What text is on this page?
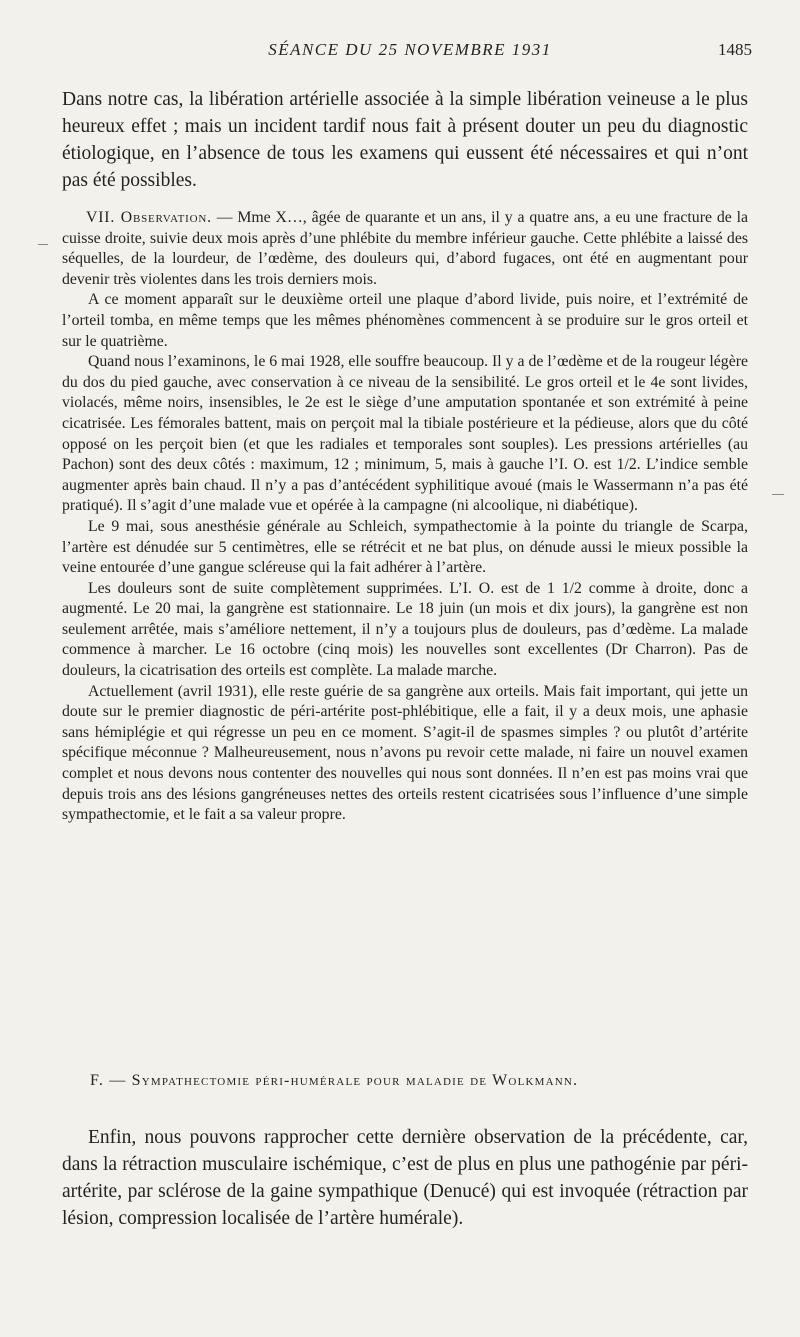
SÉANCE DU 25 NOVEMBRE 1931	1485

Dans notre cas, la libération artérielle associée à la simple libération veineuse a le plus heureux effet ; mais un incident tardif nous fait à présent douter un peu du diagnostic étiologique, en l’absence de tous les examens qui eussent été nécessaires et qui n’ont pas été possibles.

VII. Observation. — Mme X…, âgée de quarante et un ans, il y a quatre ans, a eu une fracture de la cuisse droite, suivie deux mois après d’une phlébite du membre inférieur gauche. Cette phlébite a laissé des séquelles, de la lourdeur, de l’œdème, des douleurs qui, d’abord fugaces, ont été en augmentant pour devenir très violentes dans les trois derniers mois.

A ce moment apparaît sur le deuxième orteil une plaque d’abord livide, puis noire, et l’extrémité de l’orteil tomba, en même temps que les mêmes phénomènes commencent à se produire sur le gros orteil et sur le quatrième.

Quand nous l’examinons, le 6 mai 1928, elle souffre beaucoup. Il y a de l’œdème et de la rougeur légère du dos du pied gauche, avec conservation à ce niveau de la sensibilité. Le gros orteil et le 4e sont livides, violacés, même noirs, insensibles, le 2e est le siège d’une amputation spontanée et son extrémité à peine cicatrisée. Les fémorales battent, mais on perçoit mal la tibiale postérieure et la pédieuse, alors que du côté opposé on les perçoit bien (et que les radiales et temporales sont souples). Les pressions artérielles (au Pachon) sont des deux côtés : maximum, 12 ; minimum, 5, mais à gauche l’I. O. est 1/2. L’indice semble augmenter après bain chaud. Il n’y a pas d’antécédent syphilitique avoué (mais le Wassermann n’a pas été pratiqué). Il s’agit d’une malade vue et opérée à la campagne (ni alcoolique, ni diabétique).

Le 9 mai, sous anesthésie générale au Schleich, sympathectomie à la pointe du triangle de Scarpa, l’artère est dénudée sur 5 centimètres, elle se rétrécit et ne bat plus, on dénude aussi le mieux possible la veine entourée d’une gangue scléreuse qui la fait adhérer à l’artère.

Les douleurs sont de suite complètement supprimées. L’I. O. est de 1 1/2 comme à droite, donc a augmenté. Le 20 mai, la gangrène est stationnaire. Le 18 juin (un mois et dix jours), la gangrène est non seulement arrêtée, mais s’améliore nettement, il n’y a toujours plus de douleurs, pas d’œdème. La malade commence à marcher. Le 16 octobre (cinq mois) les nouvelles sont excellentes (Dr Charron). Pas de douleurs, la cicatrisation des orteils est complète. La malade marche.

Actuellement (avril 1931), elle reste guérie de sa gangrène aux orteils. Mais fait important, qui jette un doute sur le premier diagnostic de péri-artérite post-phlébitique, elle a fait, il y a deux mois, une aphasie sans hémiplégie et qui régresse un peu en ce moment. S’agit-il de spasmes simples ? ou plutôt d’artérite spécifique méconnue ? Malheureusement, nous n’avons pu revoir cette malade, ni faire un nouvel examen complet et nous devons nous contenter des nouvelles qui nous sont données. Il n’en est pas moins vrai que depuis trois ans des lésions gangréneuses nettes des orteils restent cicatrisées sous l’influence d’une simple sympathectomie, et le fait a sa valeur propre.

F. — Sympathectomie péri-humérale pour maladie de Wolkmann.

Enfin, nous pouvons rapprocher cette dernière observation de la précédente, car, dans la rétraction musculaire ischémique, c’est de plus en plus une pathogénie par péri-artérite, par sclérose de la gaine sympathique (Denucé) qui est invoquée (rétraction par lésion, compression localisée de l’artère humérale).
